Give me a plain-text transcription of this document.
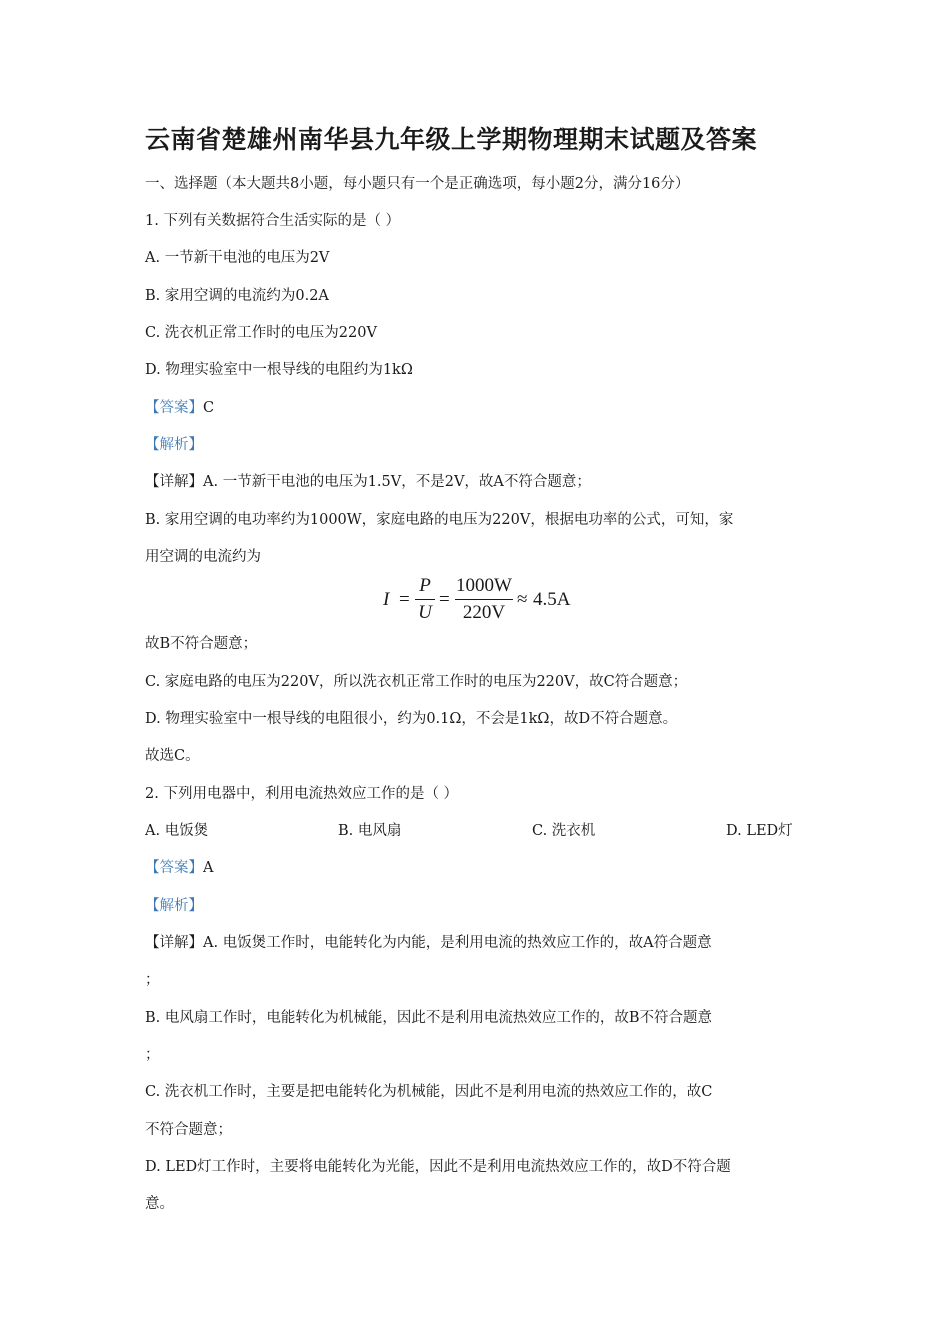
云南省楚雄州南华县九年级上学期物理期末试题及答案
一、选择题（本大题共8小题，每小题只有一个是正确选项，每小题2分，满分16分）
1. 下列有关数据符合生活实际的是（ ）
A. 一节新干电池的电压为2V
B. 家用空调的电流约为0.2A
C. 洗衣机正常工作时的电压为220V
D. 物理实验室中一根导线的电阻约为1kΩ
【答案】C
【解析】
【详解】A. 一节新干电池的电压为1.5V，不是2V，故A不符合题意；
B. 家用空调的电功率约为1000W，家庭电路的电压为220V，根据电功率的公式，可知，家
用空调的电流约为
I =
P
U
=
1000W
220V
≈ 4.5A
故B不符合题意；
C. 家庭电路的电压为220V，所以洗衣机正常工作时的电压为220V，故C符合题意；
D. 物理实验室中一根导线的电阻很小，约为0.1Ω，不会是1kΩ，故D不符合题意。
故选C。
2. 下列用电器中，利用电流热效应工作的是（ ）
A. 电饭煲	B. 电风扇	C. 洗衣机	D. LED灯
【答案】A
【解析】
【详解】A. 电饭煲工作时，电能转化为内能，是利用电流的热效应工作的，故A符合题意
；
B. 电风扇工作时，电能转化为机械能，因此不是利用电流热效应工作的，故B不符合题意
；
C. 洗衣机工作时，主要是把电能转化为机械能，因此不是利用电流的热效应工作的，故C
不符合题意；
D. LED灯工作时，主要将电能转化为光能，因此不是利用电流热效应工作的，故D不符合题
意。
